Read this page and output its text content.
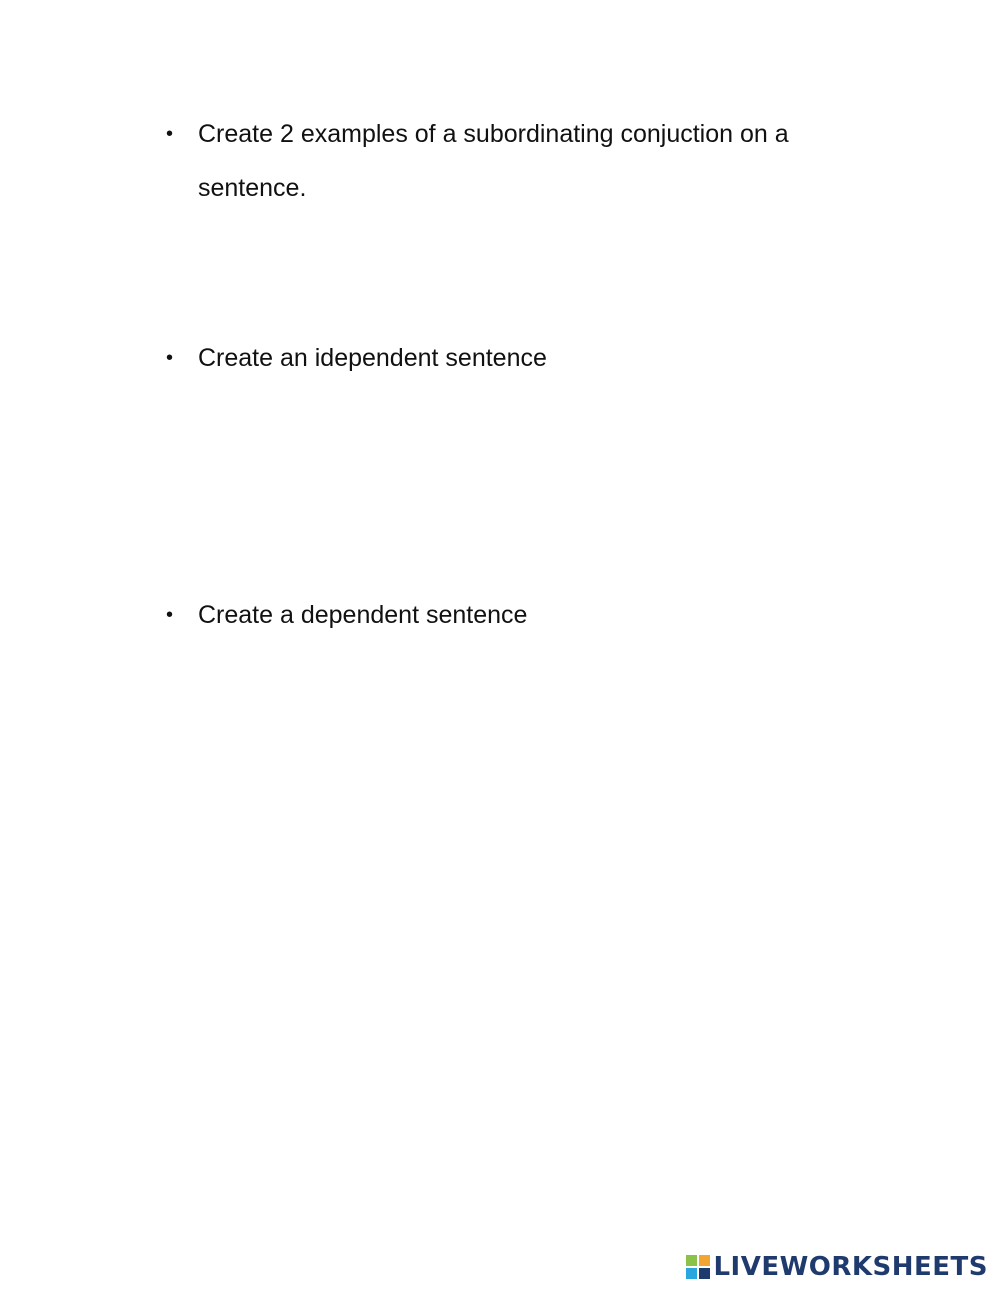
• Create 2 examples of a subordinating conjuction on a sentence.
• Create an idependent sentence
• Create a dependent sentence
LIVEWORKSHEETS
